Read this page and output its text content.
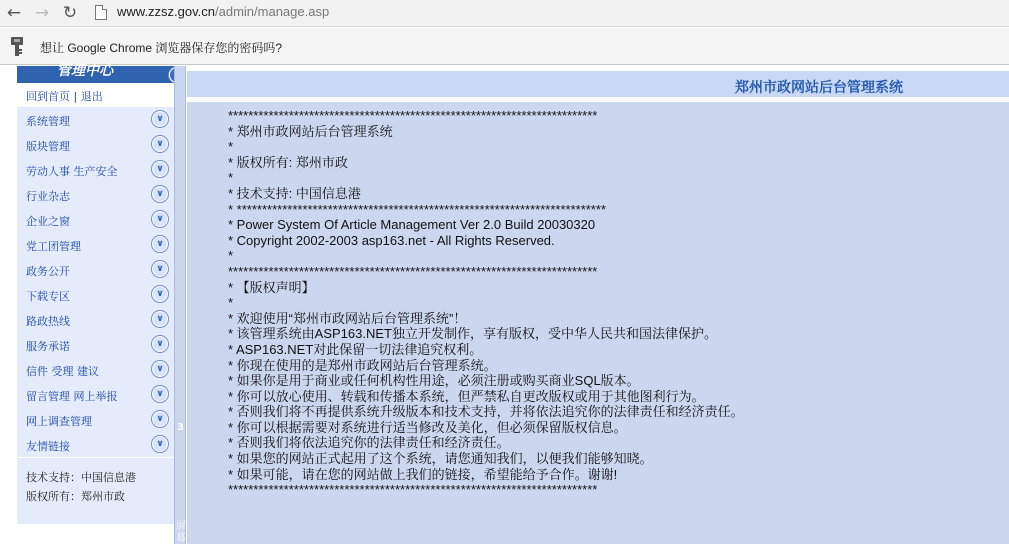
← → ↻	www.zzsz.gov.cn/admin/manage.asp
想让 Google Chrome 浏览器保存您的密码吗?
管理中心
回到首页 | 退出
系统管理	∨
版块管理	∨
劳动人事 生产安全	∨
行业杂志	∨
企业之窗	∨
党工团管理	∨
政务公开	∨
下载专区	∨
路政热线	∨
服务承诺	∨
信件 受理 建议	∨
留言管理 网上举报	∨
网上调查管理	∨
友情链接	∨
技术支持：中国信息港
版权所有：郑州市政
3
屏幕
郑州市政网站后台管理系统
*************************************************************************
* 郑州市政网站后台管理系统
*
* 版权所有: 郑州市政
*
* 技术支持: 中国信息港
* *************************************************************************
* Power System Of Article Management Ver 2.0 Build 20030320
* Copyright 2002-2003 asp163.net - All Rights Reserved.
*
*************************************************************************
* 【版权声明】
*
* 欢迎使用“郑州市政网站后台管理系统”！
* 该管理系统由ASP163.NET独立开发制作，享有版权，受中华人民共和国法律保护。
* ASP163.NET对此保留一切法律追究权利。
* 你现在使用的是郑州市政网站后台管理系统。
* 如果你是用于商业或任何机构性用途，必须注册或购买商业SQL版本。
* 你可以放心使用、转载和传播本系统，但严禁私自更改版权或用于其他图利行为。
* 否则我们将不再提供系统升级版本和技术支持，并将依法追究你的法律责任和经济责任。
* 你可以根据需要对系统进行适当修改及美化，但必须保留版权信息。
* 否则我们将依法追究你的法律责任和经济责任。
* 如果您的网站正式起用了这个系统，请您通知我们，以便我们能够知晓。
* 如果可能，请在您的网站做上我们的链接，希望能给予合作。谢谢!
*************************************************************************
